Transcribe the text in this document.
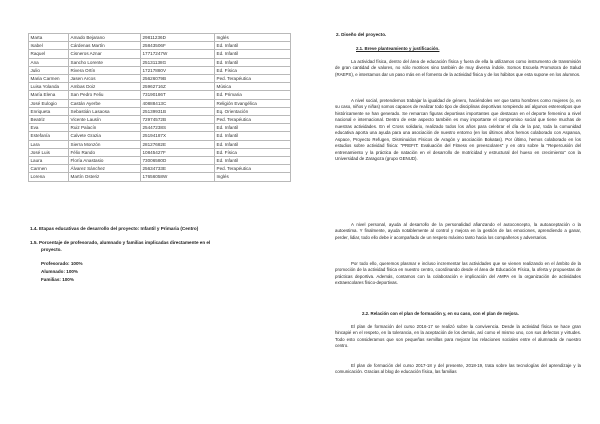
Marta	Amado Bejarano	29811236D	Inglés
Isabel	Cárdenas Martín	25843506F	Ed. Infantil
Raquel	Cisneros Aznar	17717247W	Ed. Infantil
Ana	Sancho Lorente	25131138G	Ed. Infantil
Julio	Rivera Ortín	17217880V	Ed. Física
Maria Carmen	Jasen Arcos	25626079B	Ped. Terapéutica
Luisa Yolanda	Ambas Doiz	25962716Z	Música
María Elena	San Pedro Feliu	73190186T	Ed. Primaria
José Eulogio	Castán Ayerbe	40888413C	Religión Evangélica
Enriqueta	Sebastián Lasaosa	25139931B	Eq. Orientación
Beatriz	Vicente Lausín	72974572B	Ped. Terapéutica
Eva	Ruiz Palacín	25447238S	Ed. Infantil
Estefanía	Calvete Grazia	25194187X	Ed. Infantil
Lara	Sierra Monzón	28127682E	Ed. Infantil
José Luis	Félix Rando	10845427F	Ed. Física
Laura	Floría Anastasio	73006580D	Ed. Infantil
Carmen	Álvarez Sánchez	25634733E	Ped. Terapéutica
Lorena	Martín Osteriz	17656058W	Inglés
1.4. Etapas educativas de desarrollo del proyecto: Infantil y Primaria (Centro)
1.5. Porcentaje de profesorado, alumnado y familias implicadas directamente en el
proyecto.
Profesorado: 100%
Alumnado: 100%
Familias: 100%
2. Diseño del proyecto.
2.1. Breve planteamiento y justificación.
La actividad física, dentro del área de educación física y fuera de ella la utilizamos como instrumento de transmisión de gran cantidad de valores, no sólo motrices sino también de muy diversa índole. Somos Escuela Promotora de Salud (RAEPS), e intentamos dar un paso más en el fomento de la actividad física y de los hábitos que esta supone en los alumnos.
A nivel social, pretendemos trabajar la igualdad de género, haciéndoles ver que tanto hombres como mujeres (o, en su caso, niños y niñas) somos capaces de realizar todo tipo de disciplinas deportivas rompiendo así algunos estereotipos que históricamente se han generado. Se remarcan figuras deportivas importantes que destacan en el deporte femenino a nivel nacional e internacional. Dentro de este aspecto también es muy importante el compromiso social que tiene muchas de nuestras actividades. En el Cross solidario, realizado todos los años para celebrar el día de la paz, toda la comunidad educativa aporta una ayuda para una asociación de nuestro entorno (en los últimos años hemos colaborado con Aspanoa, Aspace, Proyecto Refugen, Disminuidos Físicos de Aragón y asociación Bokatas). Por último, hemos colaborado en los estudios sobre actividad física: "PREFIT: Evaluación del Fitness en preescolares" y en otro sobre la "Repercusión del entrenamiento y la práctica de natación en el desarrollo de motricidad y estructural del hueso en crecimiento" con la Universidad de Zaragoza (grupo GENUD).
A nivel personal, ayuda al desarrollo de la personalidad afianzando el autoconcepto, la autoaceptación o la autoestima. Y finalmente, ayuda notablemente al control y mejora en la gestión de las emociones, aprendiendo a ganar, perder, lidiar, todo ello debe ir acompañado de un respeto máximo tanto hacia los compañeros y adversarios.
Por todo ello, queremos plasmar e incluso incrementar las actividades que se vienen realizando en el ámbito de la promoción de la actividad física en nuestro centro, coordinando desde el área de Educación Física, la oferta y propuestas de prácticas deportiva. Además, contamos con la colaboración e implicación del AMPA en la organización de actividades extraescolares físico-deportivas.
2.2. Relación con el plan de formación y, en su caso, con el plan de mejora.
El plan de formación del curso 2016-17 se realizó sobre la convivencia. Desde la actividad física se hace gran hincapié en el respeto, en la tolerancia, en la aceptación de los demás, así como el mismo uno, con sus defectos y virtudes. Todo esto consideramos que son pequeñas semillas para mejorar las relaciones sociales entre el alumnado de nuestro centro.
El plan de formación del curso 2017-18 y del presente, 2018-19, trata sobre las tecnologías del aprendizaje y la comunicación. Gracias al blog de educación física, las familias
